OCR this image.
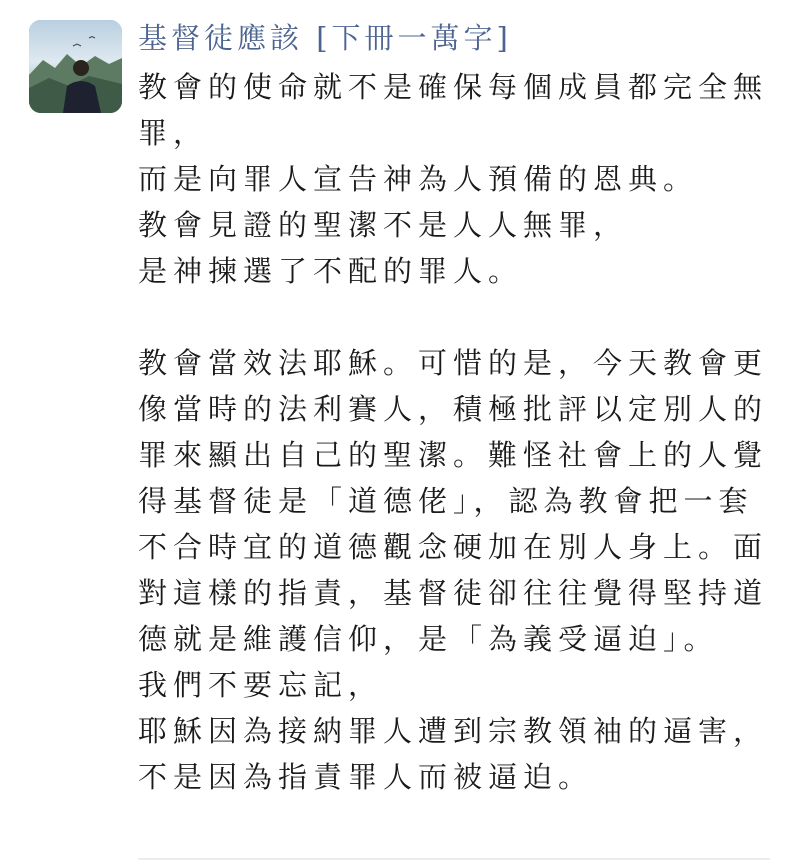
基督徒應該 [下冊一萬字]
教會的使命就不是確保每個成員都完全無
罪，
而是向罪人宣告神為人預備的恩典。
教會見證的聖潔不是人人無罪，
是神揀選了不配的罪人。
教會當效法耶穌。可惜的是，今天教會更
像當時的法利賽人，積極批評以定別人的
罪來顯出自己的聖潔。難怪社會上的人覺
得基督徒是「道德佬」，認為教會把一套
不合時宜的道德觀念硬加在別人身上。面
對這樣的指責，基督徒卻往往覺得堅持道
德就是維護信仰，是「為義受逼迫」。
我們不要忘記，
耶穌因為接納罪人遭到宗教領袖的逼害，
不是因為指責罪人而被逼迫。
